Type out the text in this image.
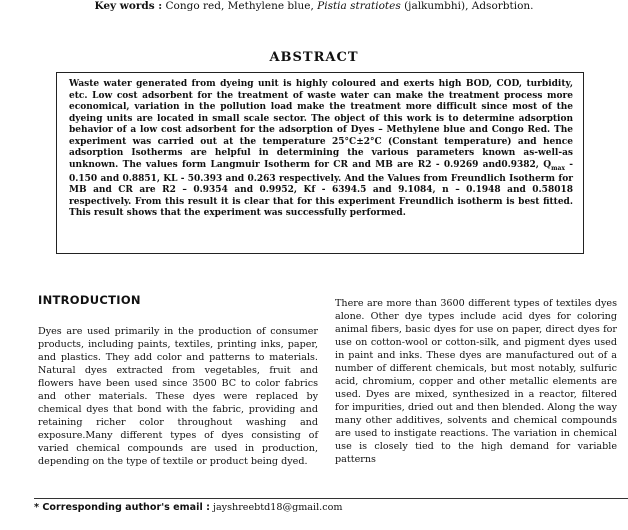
Key words : Congo red, Methylene blue, Pistia stratiotes (jalkumbhi), Adsorbtion.
ABSTRACT

Waste water generated from dyeing unit is highly coloured and exerts high BOD, COD, turbidity, etc. Low cost adsorbent for the treatment of waste water can make the treatment process more economical, variation in the pollution load make the treatment more difficult since most of the dyeing units are located in small scale sector. The object of this work is to determine adsorption behavior of a low cost adsorbent for the adsorption of Dyes – Methylene blue and Congo Red. The experiment was carried out at the temperature 25°C±2°C (Constant temperature) and hence adsorption Isotherms are helpful in determining the various parameters known as-well-as unknown. The values form Langmuir Isotherm for CR and MB are R2 - 0.9269 and0.9382, $Q_{max} - 0.150$ and 0.8851, KL - 50.393 and 0.263 respectively. And the Values from Freundlich Isotherm for MB and CR are R2 – 0.9354 and 0.9952, Kf - 6394.5 and 9.1084, n – 0.1948 and 0.58018 respectively. From this result it is clear that for this experiment Freundlich isotherm is best fitted. This result shows that the experiment was successfully performed.

INTRODUCTION

Dyes are used primarily in the production of consumer products, including paints, textiles, printing inks, paper, and plastics. They add color and patterns to materials. Natural dyes extracted from vegetables, fruit and flowers have been used since 3500 BC to color fabrics and other materials. These dyes were replaced by chemical dyes that bond with the fabric, providing and retaining richer color throughout washing and exposure.Many different types of dyes consisting of varied chemical compounds are used in production, depending on the type of textile or product being dyed.

There are more than 3600 different types of textiles dyes alone. Other dye types include acid dyes for coloring animal fibers, basic dyes for use on paper, direct dyes for use on cotton-wool or cotton-silk, and pigment dyes used in paint and inks. These dyes are manufactured out of a number of different chemicals, but most notably, sulfuric acid, chromium, copper and other metallic elements are used. Dyes are mixed, synthesized in a reactor, filtered for impurities, dried out and then blended. Along the way many other additives, solvents and chemical compounds are used to instigate reactions. The variation in chemical use is closely tied to the high demand for variable patterns

* Corresponding author's email : jayshreebtd18@gmail.com
